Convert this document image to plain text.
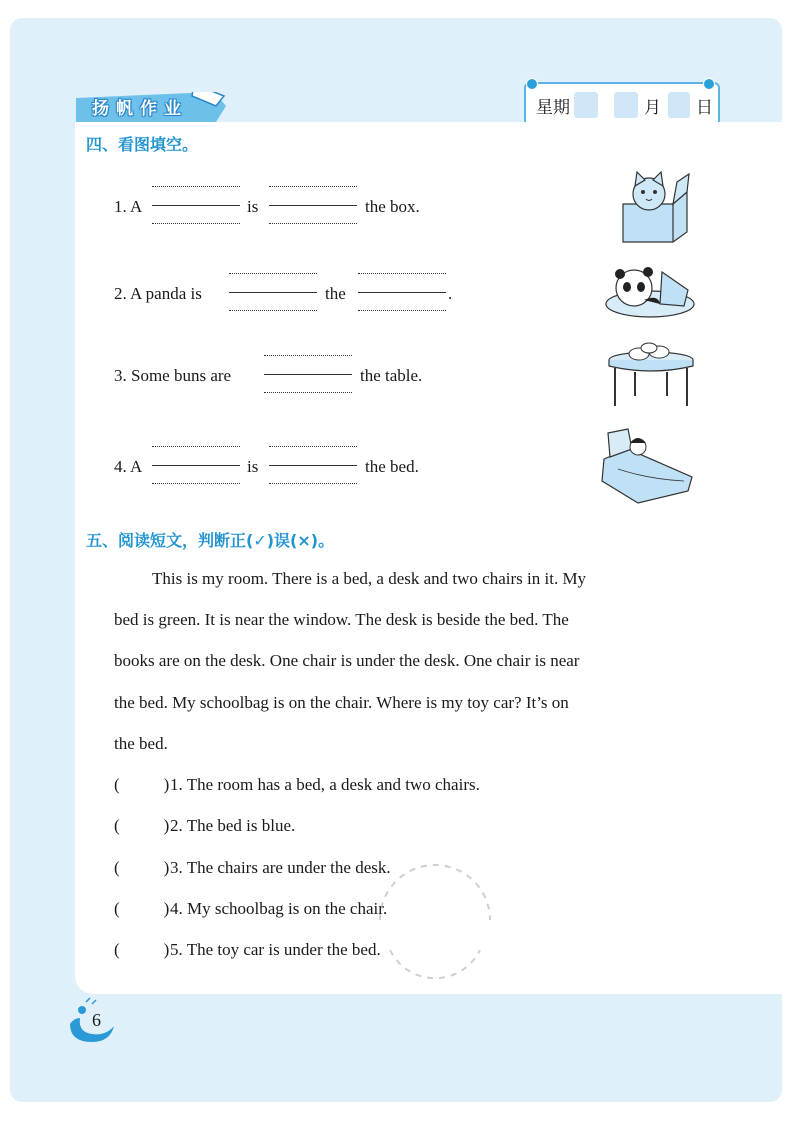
扬帆作业	星期	月 日
四、看图填空。
1. A	is	the box.
2. A panda is	the	.
3. Some buns are	the table.
4. A	is	the bed.
五、阅读短文，判断正(✓)误(×)。
This is my room. There is a bed, a desk and two chairs in it. My
bed is green. It is near the window. The desk is beside the bed. The
books are on the desk. One chair is under the desk. One chair is near
the bed. My schoolbag is on the chair. Where is my toy car? It’s on
the bed.
(	)1. The room has a bed, a desk and two chairs.
(	)2. The bed is blue.
(	)3. The chairs are under the desk.
(	)4. My schoolbag is on the chair.
(	)5. The toy car is under the bed.
6
